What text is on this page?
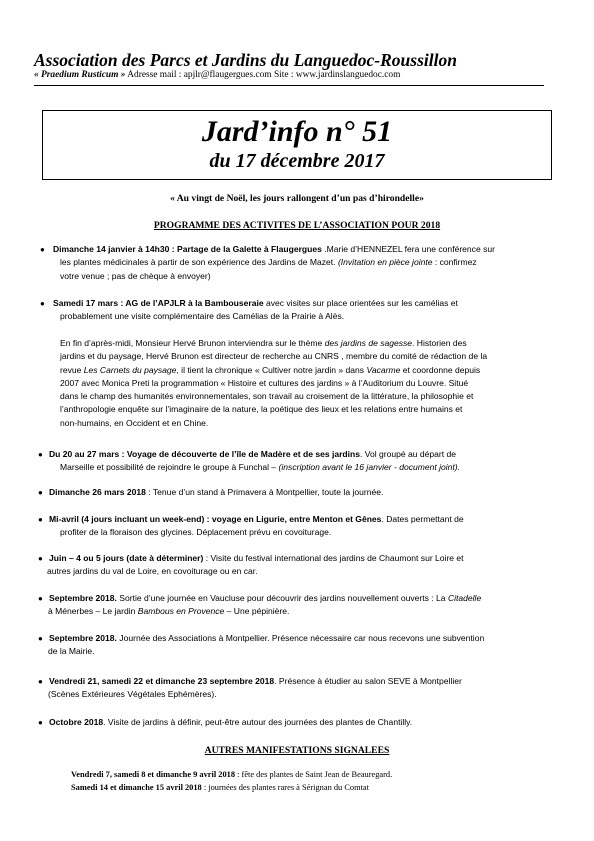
Association des Parcs et Jardins du Languedoc-Roussillon
« Praedium Rusticum » Adresse mail : apjlr@flaugergues.com Site : www.jardinslanguedoc.com
Jard’info n° 51
du 17 décembre 2017
« Au vingt de Noël, les jours rallongent d’un pas d’hirondelle»
PROGRAMME DES ACTIVITES DE L’ASSOCIATION POUR 2018
● Dimanche 14 janvier à 14h30 : Partage de la Galette à Flaugergues .Marie d’HENNEZEL fera une conférence sur
les plantes médicinales à partir de son expérience des Jardins de Mazet. (Invitation en pièce jointe : confirmez
votre venue ; pas de chèque à envoyer)
● Samedi 17 mars : AG de l’APJLR à la Bambouseraie avec visites sur place orientées sur les camélias et
probablement une visite complémentaire des Camélias de la Prairie à Alès.
En fin d’après-midi, Monsieur Hervé Brunon interviendra sur le thème des jardins de sagesse. Historien des
jardins et du paysage, Hervé Brunon est directeur de recherche au CNRS , membre du comité de rédaction de la
revue Les Carnets du paysage, il tient la chronique « Cultiver notre jardin » dans Vacarme et coordonne depuis
2007 avec Monica Preti la programmation « Histoire et cultures des jardins » à l’Auditorium du Louvre. Situé
dans le champ des humanités environnementales, son travail au croisement de la littérature, la philosophie et
l’anthropologie enquête sur l’imaginaire de la nature, la poétique des lieux et les relations entre humains et
non-humains, en Occident et en Chine.
● Du 20 au 27 mars : Voyage de découverte de l’île de Madère et de ses jardins. Vol groupé au départ de
Marseille et possibilité de rejoindre le groupe à Funchal – (inscription avant le 16 janvier - document joint).
● Dimanche 26 mars 2018 : Tenue d’un stand à Primavera à Montpellier, toute la journée.
● Mi-avril (4 jours incluant un week-end) : voyage en Ligurie, entre Menton et Gênes. Dates permettant de
profiter de la floraison des glycines. Déplacement prévu en covoiturage.
● Juin – 4 ou 5 jours (date à déterminer) : Visite du festival international des jardins de Chaumont sur Loire et
autres jardins du val de Loire, en covoiturage ou en car.
● Septembre 2018. Sortie d’une journée en Vaucluse pour découvrir des jardins nouvellement ouverts : La Citadelle
à Ménerbes – Le jardin Bambous en Provence – Une pépinière.
● Septembre 2018. Journée des Associations à Montpellier. Présence nécessaire car nous recevons une subvention
de la Mairie.
● Vendredi 21, samedi 22 et dimanche 23 septembre 2018. Présence à étudier au salon SEVE à Montpellier
(Scènes Extérieures Végétales Ephémères).
● Octobre 2018. Visite de jardins à définir, peut-être autour des journées des plantes de Chantilly.
AUTRES MANIFESTATIONS SIGNALEES
Vendredi 7, samedi 8 et dimanche 9 avril 2018 : fête des plantes de Saint Jean de Beauregard.
Samedi 14 et dimanche 15 avril 2018 : journées des plantes rares à Sérignan du Comtat
